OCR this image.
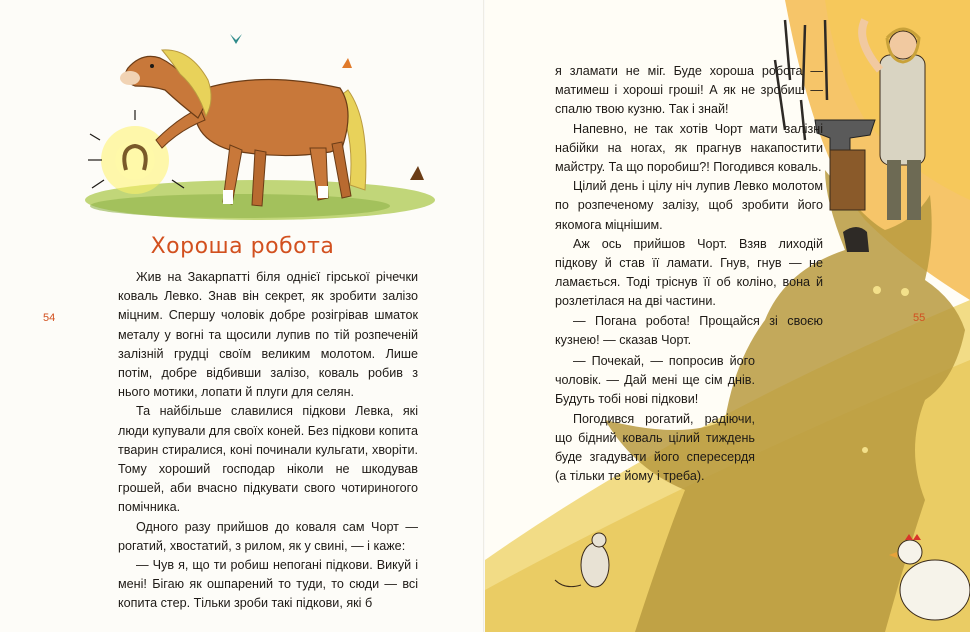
Хороша робота
54

Жив на Закарпатті біля однієї гірської річечки коваль Левко. Знав він секрет, як зробити залізо міцним. Спершу чоловік добре розігрівав шматок металу у вогні та щосили лупив по тій розпеченій залізній грудці своїм великим молотом. Лише потім, добре відбивши залізо, коваль робив з нього мотики, лопати й плуги для селян.

Та найбільше славилися підкови Левка, які люди купували для своїх коней. Без підкови копита тварин стиралися, коні починали кульгати, хворіти. Тому хороший господар ніколи не шкодував грошей, аби вчасно підкувати свого чотириногого помічника.

Одного разу прийшов до коваля сам Чорт — рогатий, хвостатий, з рилом, як у свині, — і каже:

— Чув я, що ти робиш непогані підкови. Викуй і мені! Бігаю як ошпарений то туди, то сюди — всі копита стер. Тільки зроби такі підкови, які б

55

я зламати не міг. Буде хороша робота — матимеш і хороші гроші! А як не зробиш — спалю твою кузню. Так і знай!

Напевно, не так хотів Чорт мати залізні набійки на ногах, як прагнув накапостити майстру. Та що поробиш?! Погодився коваль.

Цілий день і цілу ніч лупив Левко молотом по розпеченому залізу, щоб зробити його якомога міцнішим.

Аж ось прийшов Чорт. Взяв лиходій підкову й став її ламати. Гнув, гнув — не ламається. Тоді тріснув її об коліно, вона й розлетілася на дві частини.

— Погана робота! Прощайся зі своєю кузнею! — сказав Чорт.

— Почекай, — попросив його чоловік. — Дай мені ще сім днів. Будуть тобі нові підкови!

Погодився рогатий, радіючи, що бідний коваль цілий тиждень буде згадувати його спересердя (а тільки те йому і треба).
